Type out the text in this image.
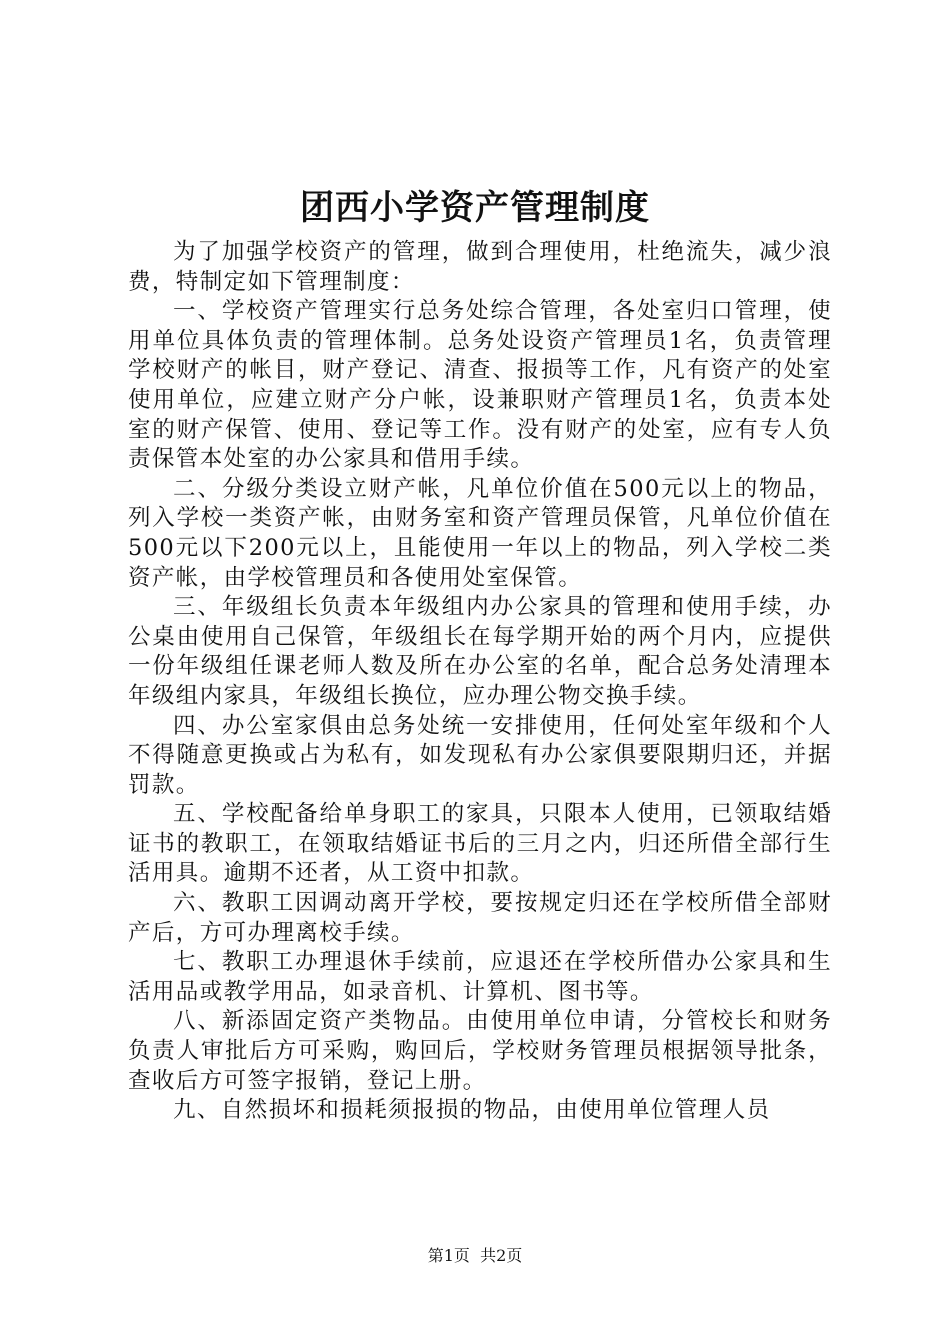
团西小学资产管理制度

为了加强学校资产的管理，做到合理使用，杜绝流失，减少浪费，特制定如下管理制度：

一、学校资产管理实行总务处综合管理，各处室归口管理，使用单位具体负责的管理体制。总务处设资产管理员1名，负责管理学校财产的帐目，财产登记、清查、报损等工作，凡有资产的处室使用单位，应建立财产分户帐，设兼职财产管理员1名，负责本处室的财产保管、使用、登记等工作。没有财产的处室，应有专人负责保管本处室的办公家具和借用手续。

二、分级分类设立财产帐，凡单位价值在500元以上的物品，列入学校一类资产帐，由财务室和资产管理员保管，凡单位价值在500元以下200元以上，且能使用一年以上的物品，列入学校二类资产帐，由学校管理员和各使用处室保管。

三、年级组长负责本年级组内办公家具的管理和使用手续，办公桌由使用自己保管，年级组长在每学期开始的两个月内，应提供一份年级组任课老师人数及所在办公室的名单，配合总务处清理本年级组内家具，年级组长换位，应办理公物交换手续。

四、办公室家俱由总务处统一安排使用，任何处室年级和个人不得随意更换或占为私有，如发现私有办公家俱要限期归还，并据罚款。

五、学校配备给单身职工的家具，只限本人使用，已领取结婚证书的教职工，在领取结婚证书后的三月之内，归还所借全部行生活用具。逾期不还者，从工资中扣款。

六、教职工因调动离开学校，要按规定归还在学校所借全部财产后，方可办理离校手续。

七、教职工办理退休手续前，应退还在学校所借办公家具和生活用品或教学用品，如录音机、计算机、图书等。

八、新添固定资产类物品。由使用单位申请，分管校长和财务负责人审批后方可采购，购回后，学校财务管理员根据领导批条，查收后方可签字报销，登记上册。

九、自然损坏和损耗须报损的物品，由使用单位管理人员

第1页 共2页
